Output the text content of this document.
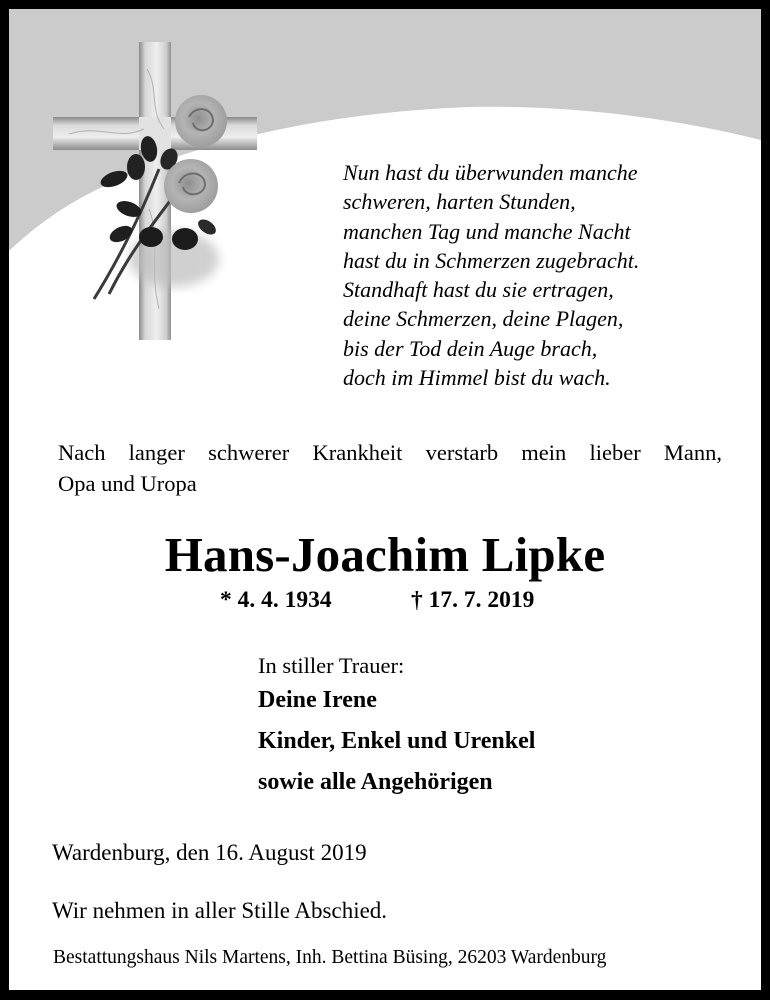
Nun hast du überwunden manche
schweren, harten Stunden,
manchen Tag und manche Nacht
hast du in Schmerzen zugebracht.
Standhaft hast du sie ertragen,
deine Schmerzen, deine Plagen,
bis der Tod dein Auge brach,
doch im Himmel bist du wach.
Nach langer schwerer Krankheit verstarb mein lieber Mann,
Opa und Uropa
Hans-Joachim Lipke
* 4. 4. 1934	† 17. 7. 2019
In stiller Trauer:
Deine Irene
Kinder, Enkel und Urenkel
sowie alle Angehörigen
Wardenburg, den 16. August 2019
Wir nehmen in aller Stille Abschied.
Bestattungshaus Nils Martens, Inh. Bettina Büsing, 26203 Wardenburg
